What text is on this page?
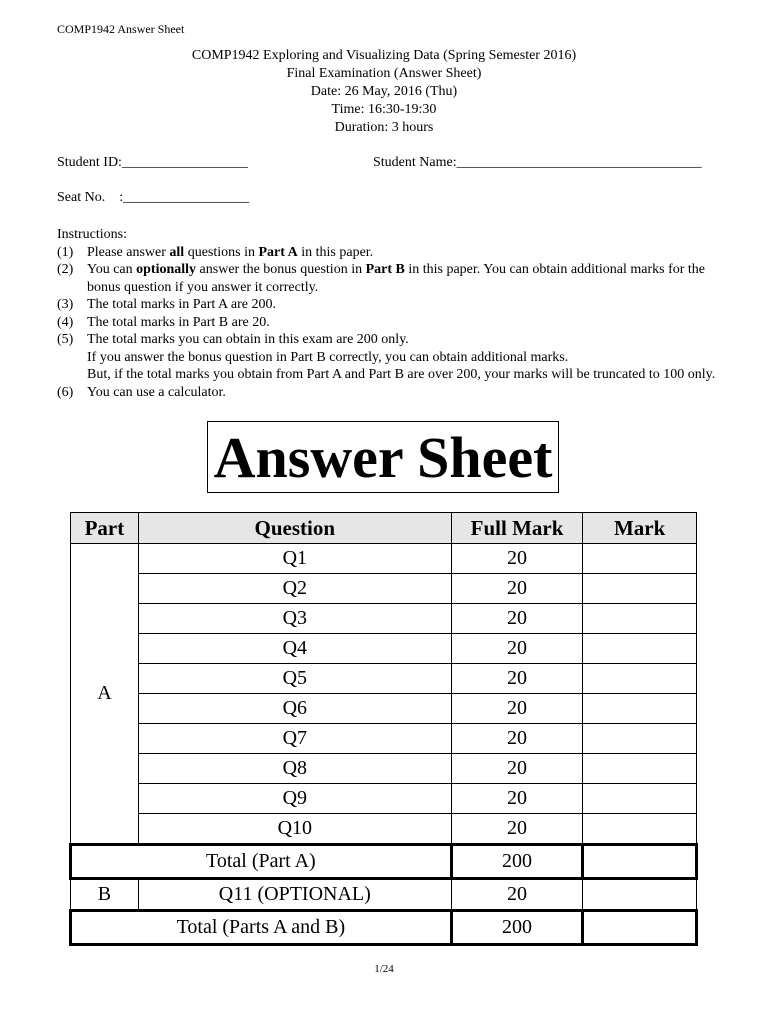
COMP1942 Answer Sheet
COMP1942 Exploring and Visualizing Data (Spring Semester 2016)
Final Examination (Answer Sheet)
Date: 26 May, 2016 (Thu)
Time: 16:30-19:30
Duration: 3 hours
Student ID:__________________	Student Name:___________________________________
Seat No.    :__________________
Instructions:
(1) Please answer all questions in Part A in this paper.
(2) You can optionally answer the bonus question in Part B in this paper. You can obtain additional marks for the bonus question if you answer it correctly.
(3) The total marks in Part A are 200.
(4) The total marks in Part B are 20.
(5) The total marks you can obtain in this exam are 200 only.
If you answer the bonus question in Part B correctly, you can obtain additional marks.
But, if the total marks you obtain from Part A and Part B are over 200, your marks will be truncated to 100 only.
(6) You can use a calculator.
Answer Sheet
Part	Question	Full Mark	Mark
A	Q1	20	
	Q2	20	
	Q3	20	
	Q4	20	
	Q5	20	
	Q6	20	
	Q7	20	
	Q8	20	
	Q9	20	
	Q10	20	
Total (Part A)		200	
B	Q11 (OPTIONAL)	20	
Total (Parts A and B)		200	
1/24
